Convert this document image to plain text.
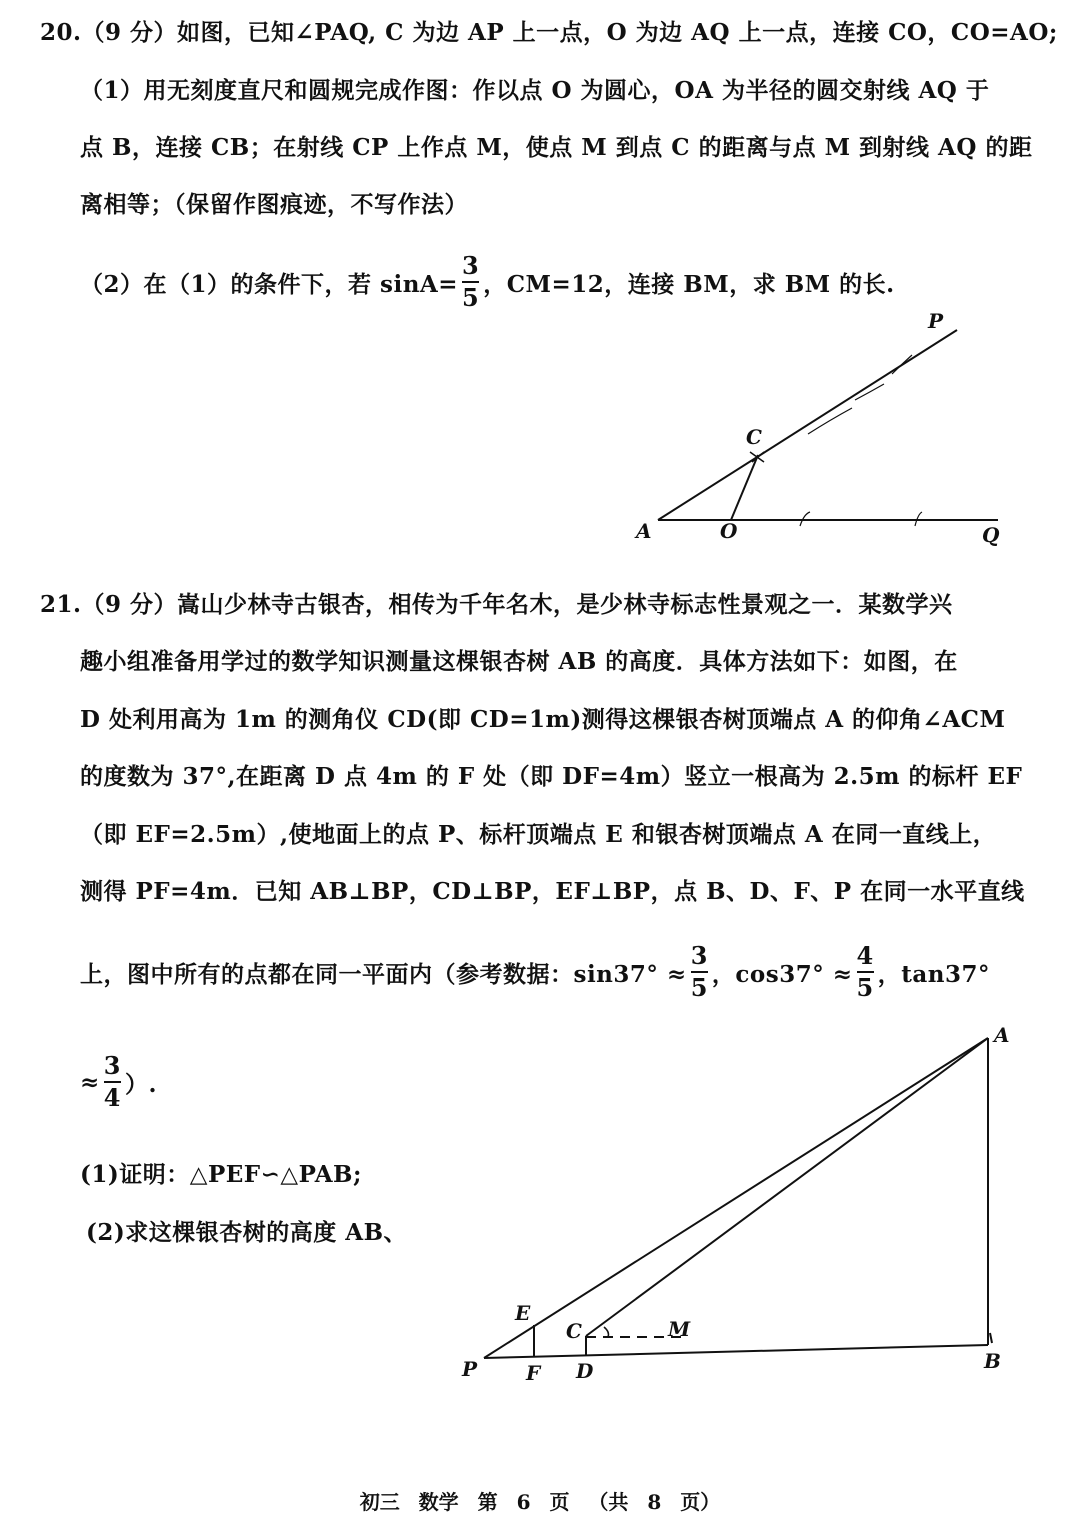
20.（9 分）如图，已知∠PAQ, C 为边 AP 上一点，O 为边 AQ 上一点，连接 CO，CO=AO;
（1）用无刻度直尺和圆规完成作图：作以点 O 为圆心，OA 为半径的圆交射线 AQ 于
点 B，连接 CB；在射线 CP 上作点 M，使点 M 到点 C 的距离与点 M 到射线 AQ 的距
离相等；（保留作图痕迹，不写作法）
（2）在（1）的条件下，若 $\sin A= \frac{3}{5}$ ，CM=12，连接 BM，求 BM 的长.
P
C
A	O	Q
21.（9 分）嵩山少林寺古银杏，相传为千年名木，是少林寺标志性景观之一．某数学兴
趣小组准备用学过的数学知识测量这棵银杏树 AB 的高度．具体方法如下：如图，在
D 处利用高为 1m 的测角仪 CD(即 CD=1m)测得这棵银杏树顶端点 A 的仰角∠ACM
的度数为 37°,在距离 D 点 4m 的 F 处（即 DF=4m）竖立一根高为 2.5m 的标杆 EF
（即 EF=2.5m）,使地面上的点 P、标杆顶端点 E 和银杏树顶端点 A 在同一直线上，
测得 PF=4m．已知 AB⊥BP，CD⊥BP，EF⊥BP，点 B、D、F、P 在同一水平直线
上，图中所有的点都在同一平面内（参考数据：$\sin 37^\circ \approx \frac{3}{5}$ ，$\cos 37^\circ \approx \frac{4}{5}$ ，tan37°
≈ $\frac{3}{4}$ ）.
(1)证明：△PEF∽△PAB;
(2)求这棵银杏树的高度 AB、
A
E
C	M
P F D	B
初三 数学 第 6 页 （共 8 页）
